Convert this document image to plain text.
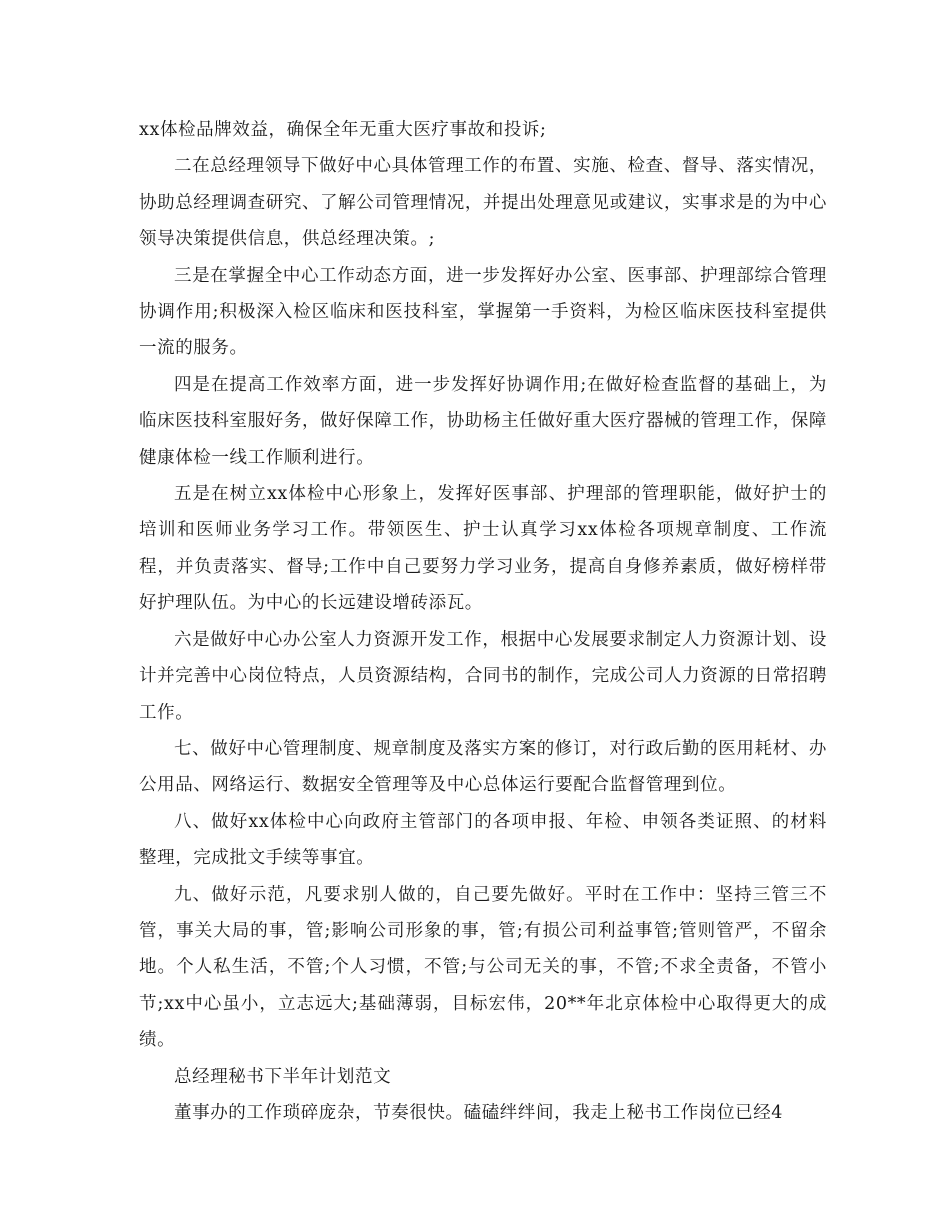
xx体检品牌效益，确保全年无重大医疗事故和投诉;

二在总经理领导下做好中心具体管理工作的布置、实施、检查、督导、落实情况，协助总经理调查研究、了解公司管理情况，并提出处理意见或建议，实事求是的为中心领导决策提供信息，供总经理决策。;

三是在掌握全中心工作动态方面，进一步发挥好办公室、医事部、护理部综合管理协调作用;积极深入检区临床和医技科室，掌握第一手资料，为检区临床医技科室提供一流的服务。

四是在提高工作效率方面，进一步发挥好协调作用;在做好检查监督的基础上，为临床医技科室服好务，做好保障工作，协助杨主任做好重大医疗器械的管理工作，保障健康体检一线工作顺利进行。

五是在树立xx体检中心形象上，发挥好医事部、护理部的管理职能，做好护士的培训和医师业务学习工作。带领医生、护士认真学习xx体检各项规章制度、工作流程，并负责落实、督导;工作中自己要努力学习业务，提高自身修养素质，做好榜样带好护理队伍。为中心的长远建设增砖添瓦。

六是做好中心办公室人力资源开发工作，根据中心发展要求制定人力资源计划、设计并完善中心岗位特点，人员资源结构，合同书的制作，完成公司人力资源的日常招聘工作。

七、做好中心管理制度、规章制度及落实方案的修订，对行政后勤的医用耗材、办公用品、网络运行、数据安全管理等及中心总体运行要配合监督管理到位。

八、做好xx体检中心向政府主管部门的各项申报、年检、申领各类证照、的材料整理，完成批文手续等事宜。

九、做好示范，凡要求别人做的，自己要先做好。平时在工作中：坚持三管三不管，事关大局的事，管;影响公司形象的事，管;有损公司利益事管;管则管严，不留余地。个人私生活，不管;个人习惯，不管;与公司无关的事，不管;不求全责备，不管小节;xx中心虽小，立志远大;基础薄弱，目标宏伟，20**年北京体检中心取得更大的成绩。

总经理秘书下半年计划范文

董事办的工作琐碎庞杂，节奏很快。磕磕绊绊间，我走上秘书工作岗位已经4
